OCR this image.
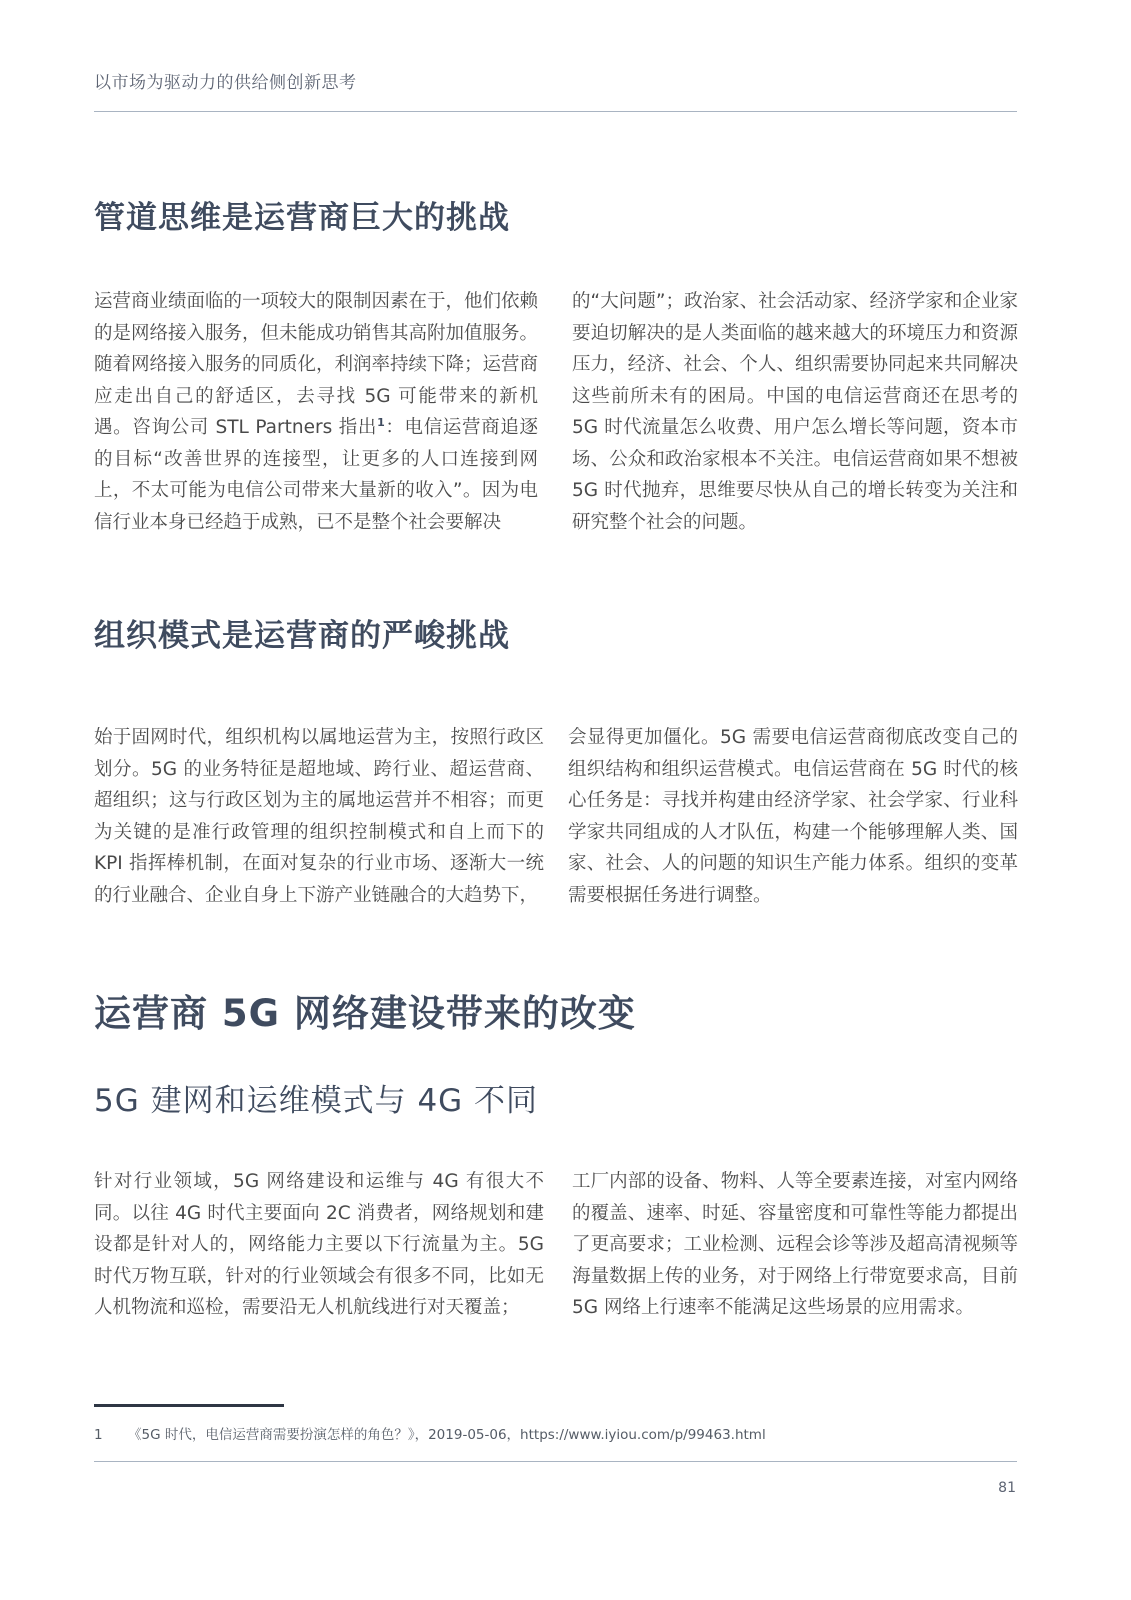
以市场为驱动力的供给侧创新思考
管道思维是运营商巨大的挑战

运营商业绩面临的一项较大的限制因素在于，他们依赖的是网络接入服务，但未能成功销售其高附加值服务。随着网络接入服务的同质化，利润率持续下降；运营商应走出自己的舒适区，去寻找 5G 可能带来的新机遇。咨询公司 STL Partners 指出$^1$：电信运营商追逐的目标“改善世界的连接型，让更多的人口连接到网上，不太可能为电信公司带来大量新的收入”。因为电信行业本身已经趋于成熟，已不是整个社会要解决

的“大问题”；政治家、社会活动家、经济学家和企业家要迫切解决的是人类面临的越来越大的环境压力和资源压力，经济、社会、个人、组织需要协同起来共同解决这些前所未有的困局。中国的电信运营商还在思考的 5G 时代流量怎么收费、用户怎么增长等问题，资本市场、公众和政治家根本不关注。电信运营商如果不想被 5G 时代抛弃，思维要尽快从自己的增长转变为关注和研究整个社会的问题。

组织模式是运营商的严峻挑战

始于固网时代，组织机构以属地运营为主，按照行政区划分。5G 的业务特征是超地域、跨行业、超运营商、超组织；这与行政区划为主的属地运营并不相容；而更为关键的是准行政管理的组织控制模式和自上而下的 KPI 指挥棒机制，在面对复杂的行业市场、逐渐大一统的行业融合、企业自身上下游产业链融合的大趋势下，

会显得更加僵化。5G 需要电信运营商彻底改变自己的组织结构和组织运营模式。电信运营商在 5G 时代的核心任务是：寻找并构建由经济学家、社会学家、行业科学家共同组成的人才队伍，构建一个能够理解人类、国家、社会、人的问题的知识生产能力体系。组织的变革需要根据任务进行调整。

运营商 5G 网络建设带来的改变
5G 建网和运维模式与 4G 不同

针对行业领域，5G 网络建设和运维与 4G 有很大不同。以往 4G 时代主要面向 2C 消费者，网络规划和建设都是针对人的，网络能力主要以下行流量为主。5G 时代万物互联，针对的行业领域会有很多不同，比如无人机物流和巡检，需要沿无人机航线进行对天覆盖；

工厂内部的设备、物料、人等全要素连接，对室内网络的覆盖、速率、时延、容量密度和可靠性等能力都提出了更高要求；工业检测、远程会诊等涉及超高清视频等海量数据上传的业务，对于网络上行带宽要求高，目前 5G 网络上行速率不能满足这些场景的应用需求。

1 《5G 时代，电信运营商需要扮演怎样的角色？》，2019-05-06，https://www.iyiou.com/p/99463.html
81
